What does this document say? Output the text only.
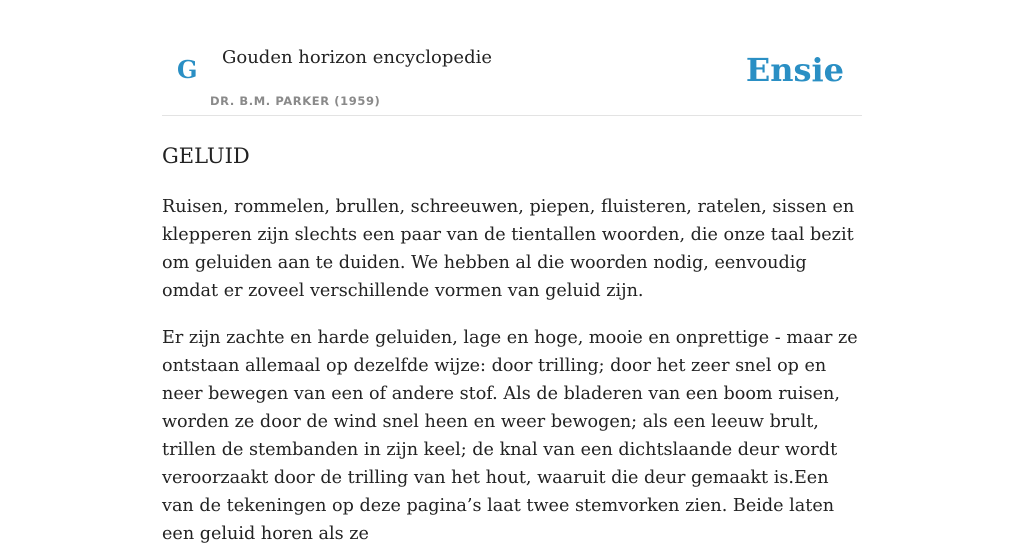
G Gouden horizon encyclopedie
DR. B.M. PARKER (1959)
Ensie
GELUID

Ruisen, rommelen, brullen, schreeuwen, piepen, fluisteren, ratelen, sissen en klepperen zijn slechts een paar van de tientallen woorden, die onze taal bezit om geluiden aan te duiden. We hebben al die woorden nodig, eenvoudig omdat er zoveel verschillende vormen van geluid zijn.

Er zijn zachte en harde geluiden, lage en hoge, mooie en onprettige - maar ze ontstaan allemaal op dezelfde wijze: door trilling; door het zeer snel op en neer bewegen van een of andere stof. Als de bladeren van een boom ruisen, worden ze door de wind snel heen en weer bewogen; als een leeuw brult, trillen de stembanden in zijn keel; de knal van een dichtslaande deur wordt veroorzaakt door de trilling van het hout, waaruit die deur gemaakt is.Een van de tekeningen op deze pagina’s laat twee stemvorken zien. Beide laten een geluid horen als ze
